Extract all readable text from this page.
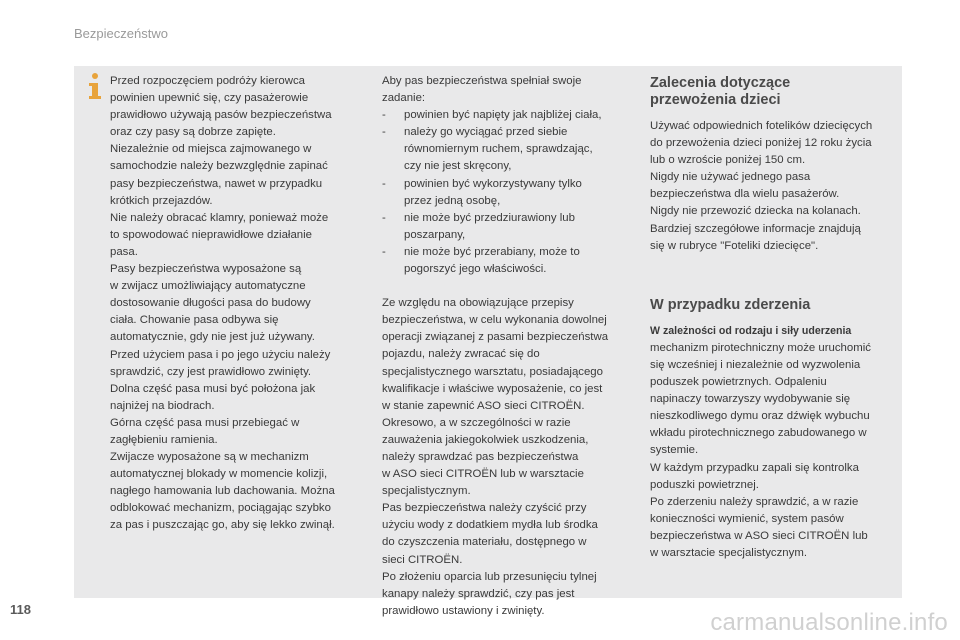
Bezpieczeństwo

Przed rozpoczęciem podróży kierowca
powinien upewnić się, czy pasażerowie
prawidłowo używają pasów bezpieczeństwa
oraz czy pasy są dobrze zapięte.
Niezależnie od miejsca zajmowanego w
samochodzie należy bezwzględnie zapinać
pasy bezpieczeństwa, nawet w przypadku
krótkich przejazdów.
Nie należy obracać klamry, ponieważ może
to spowodować nieprawidłowe działanie
pasa.
Pasy bezpieczeństwa wyposażone są
w zwijacz umożliwiający automatyczne
dostosowanie długości pasa do budowy
ciała. Chowanie pasa odbywa się
automatycznie, gdy nie jest już używany.
Przed użyciem pasa i po jego użyciu należy
sprawdzić, czy jest prawidłowo zwinięty.
Dolna część pasa musi być położona jak
najniżej na biodrach.
Górna część pasa musi przebiegać w
zagłębieniu ramienia.
Zwijacze wyposażone są w mechanizm
automatycznej blokady w momencie kolizji,
nagłego hamowania lub dachowania. Można
odblokować mechanizm, pociągając szybko
za pas i puszczając go, aby się lekko zwinął.

Aby pas bezpieczeństwa spełniał swoje
zadanie:

- powinien być napięty jak najbliżej ciała,

- należy go wyciągać przed siebie
równomiernym ruchem, sprawdzając,
czy nie jest skręcony,

- powinien być wykorzystywany tylko
przez jedną osobę,

- nie może być przedziurawiony lub
poszarpany,

- nie może być przerabiany, może to
pogorszyć jego właściwości.

Ze względu na obowiązujące przepisy
bezpieczeństwa, w celu wykonania dowolnej
operacji związanej z pasami bezpieczeństwa
pojazdu, należy zwracać się do
specjalistycznego warsztatu, posiadającego
kwalifikacje i właściwe wyposażenie, co jest
w stanie zapewnić ASO sieci CITROËN.
Okresowo, a w szczególności w razie
zauważenia jakiegokolwiek uszkodzenia,
należy sprawdzać pas bezpieczeństwa
w ASO sieci CITROËN lub w warsztacie
specjalistycznym.
Pas bezpieczeństwa należy czyścić przy
użyciu wody z dodatkiem mydła lub środka
do czyszczenia materiału, dostępnego w
sieci CITROËN.
Po złożeniu oparcia lub przesunięciu tylnej
kanapy należy sprawdzić, czy pas jest
prawidłowo ustawiony i zwinięty.

Zalecenia dotyczące
przewożenia dzieci

Używać odpowiednich fotelików dziecięcych
do przewożenia dzieci poniżej 12 roku życia
lub o wzroście poniżej 150 cm.
Nigdy nie używać jednego pasa
bezpieczeństwa dla wielu pasażerów.
Nigdy nie przewozić dziecka na kolanach.
Bardziej szczegółowe informacje znajdują
się w rubryce "Foteliki dziecięce".

W przypadku zderzenia

W zależności od rodzaju i siły uderzenia

mechanizm pirotechniczny może uruchomić
się wcześniej i niezależnie od wyzwolenia
poduszek powietrznych. Odpaleniu
napinaczy towarzyszy wydobywanie się
nieszkodliwego dymu oraz dźwięk wybuchu
wkładu pirotechnicznego zabudowanego w
systemie.
W każdym przypadku zapali się kontrolka
poduszki powietrznej.
Po zderzeniu należy sprawdzić, a w razie
konieczności wymienić, system pasów
bezpieczeństwa w ASO sieci CITROËN lub
w warsztacie specjalistycznym.

118	carmanualsonline.info
